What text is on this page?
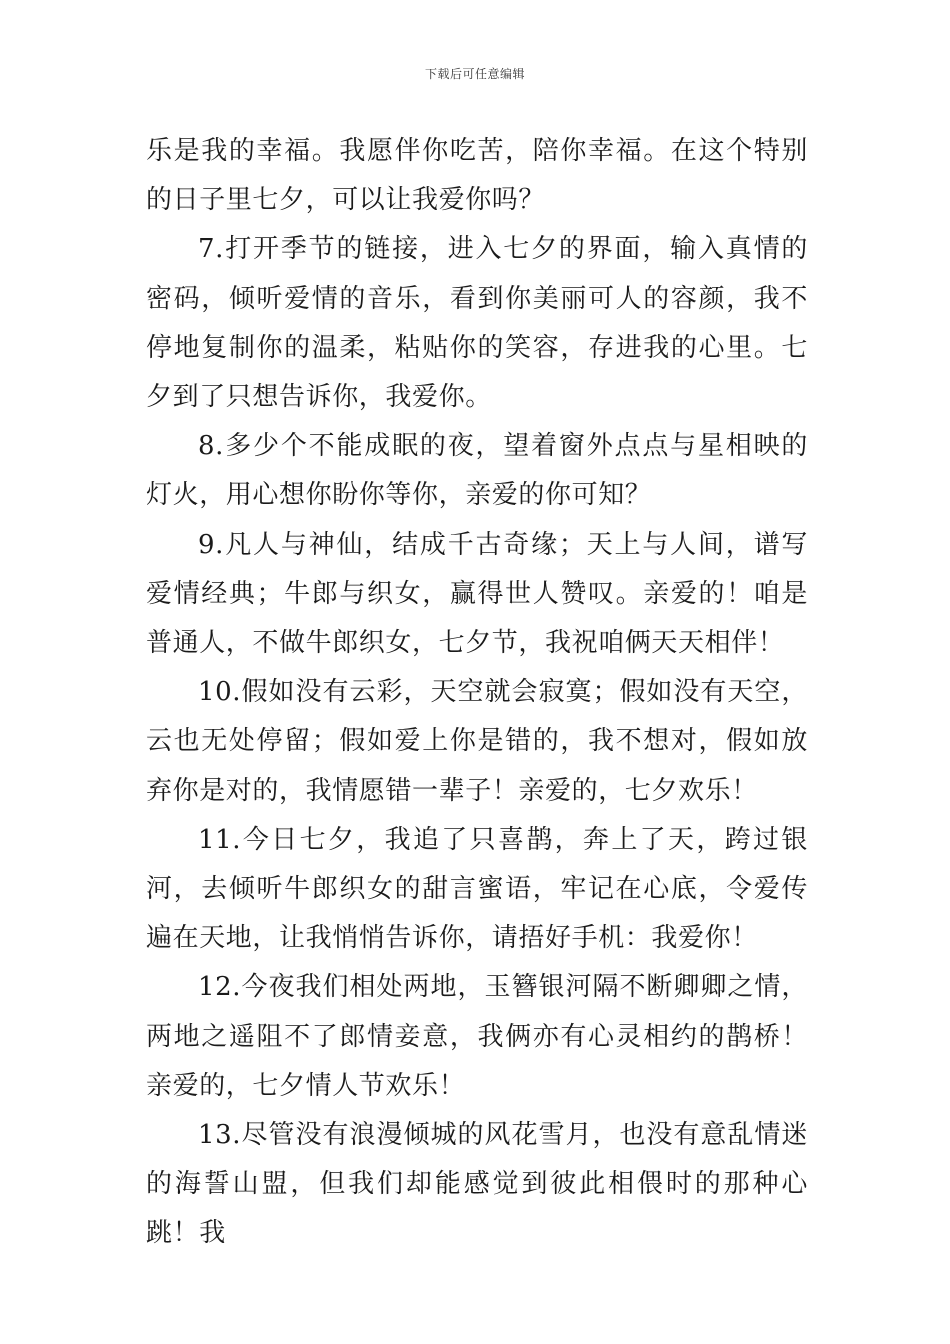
下载后可任意编辑

乐是我的幸福。我愿伴你吃苦，陪你幸福。在这个特别的日子里七夕，可以让我爱你吗？

7.打开季节的链接，进入七夕的界面，输入真情的密码，倾听爱情的音乐，看到你美丽可人的容颜，我不停地复制你的温柔，粘贴你的笑容，存进我的心里。七夕到了只想告诉你，我爱你。

8.多少个不能成眠的夜，望着窗外点点与星相映的灯火，用心想你盼你等你，亲爱的你可知？

9.凡人与神仙，结成千古奇缘；天上与人间，谱写爱情经典；牛郎与织女，赢得世人赞叹。亲爱的！咱是普通人，不做牛郎织女，七夕节，我祝咱俩天天相伴！

10.假如没有云彩，天空就会寂寞；假如没有天空，云也无处停留；假如爱上你是错的，我不想对，假如放弃你是对的，我情愿错一辈子！亲爱的，七夕欢乐！

11.今日七夕，我追了只喜鹊，奔上了天，跨过银河，去倾听牛郎织女的甜言蜜语，牢记在心底，令爱传遍在天地，让我悄悄告诉你，请捂好手机：我爱你！

12.今夜我们相处两地，玉簪银河隔不断卿卿之情，两地之遥阻不了郎情妾意，我俩亦有心灵相约的鹊桥！亲爱的，七夕情人节欢乐！

13.尽管没有浪漫倾城的风花雪月，也没有意乱情迷的海誓山盟，但我们却能感觉到彼此相偎时的那种心跳！我
